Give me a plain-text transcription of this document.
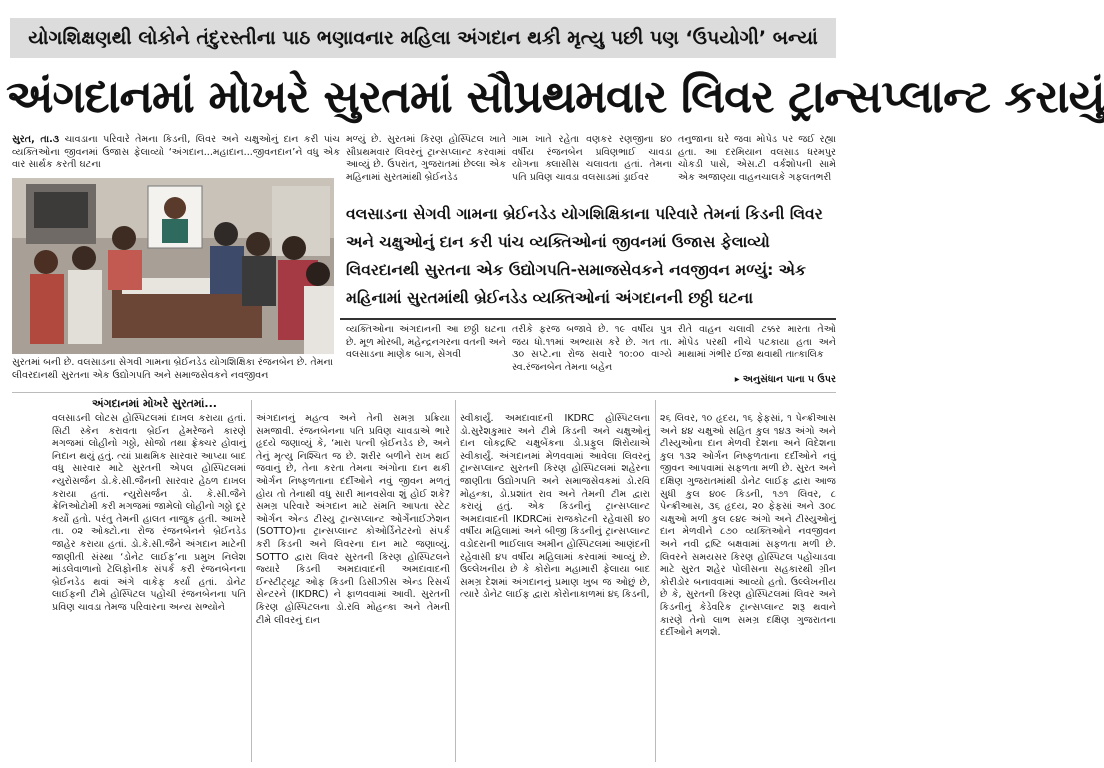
યોગશિક્ષણથી લોકોને તંદુરસ્તીના પાઠ ભણાવનાર મહિલા અંગદાન થકી મૃત્યુ પછી પણ ‘ઉપયોગી’ બન્યાં
અંગદાનમાં મોખરે સુરતમાં સૌપ્રથમવાર લિવર ટ્રાન્સપ્લાન્ટ કરાયું
સુરત, તા.૩ ચાવડાના પરિવારે તેમના કિડની, લિવર અને ચક્ષુઓનું દાન કરી પાંચ વ્યક્તિઓના જીવનમાં ઉજાસ ફેલાવ્યો ‘અંગદાન...મહાદાન...જીવનદાન’ને વધુ એક વાર સાર્થક કરતી ઘટના
મળ્યું છે. સુરતમાં કિરણ હોસ્પિટલ ખાતે સૌપ્રથમવાર લિવરનું ટ્રાન્સપ્લાન્ટ કરવામાં આવ્યું છે. ઉપરાંત, ગુજરાતમાં છેલ્લા એક મહિનામાં સુરતમાંથી બ્રેઈનડેડ
ગામ ખાતે રહેતા વણકર રણજીના ૪૦ વર્ષીય રંજનબેન પ્રવિણભાઈ ચાવડા યોગના ક્લાસીસ ચલાવતા હતાં. તેમના પતિ પ્રવિણ ચાવડા વલસાડમાં ડ્રાઈવર
તનુજાના ઘરે જવા મોપેડ પર જઈ રહ્યા હતા. આ દરમિયાન વલસાડ ધરમપુર ચોકડી પાસે, એસ.ટી વર્કશોપની સામે એક અજાણ્યા વાહનચાલકે ગફલતભરી
સુરતમાં બની છે. વલસાડના સેગવી ગામના બ્રેઈનડેડ યોગશિક્ષિકા રંજનબેન છે. તેમના લીવરદાનથી સુરતના એક ઉદ્યોગપતિ અને સમાજસેવકને નવજીવન
વલસાડના સેગવી ગામના બ્રેઈનડેડ યોગશિક્ષિકાના પરિવારે તેમનાં કિડની લિવર અને ચક્ષુઓનું દાન કરી પાંચ વ્યક્તિઓનાં જીવનમાં ઉજાસ ફેલાવ્યો લિવરદાનથી સુરતના એક ઉદ્યોગપતિ-સમાજસેવકને નવજીવન મળ્યું: એક મહિનામાં સુરતમાંથી બ્રેઈનડેડ વ્યક્તિઓનાં અંગદાનની છઠ્ઠી ઘટના
વ્યક્તિઓના અંગદાનની આ છઠ્ઠી ઘટના છે. મૂળ મોરબી, મહેન્દ્રનગરના વતની અને વલસાડના માણેક બાગ, સેગવી
તરીકે ફરજ બજાવે છે. ૧૯ વર્ષીય પુત્ર જય ધો.૧૧માં અભ્યાસ કરે છે. ગત તા. ૩૦ સપ્ટે.ના રોજ સવારે ૧૦:૦૦ વાગ્યે સ્વ.રંજનબેન તેમના બહેન
રીતે વાહન ચલાવી ટક્કર મારતા તેઓ મોપેડ પરથી નીચે પટકાયા હતા અને માથામાં ગંભીર ઈજા થવાથી તાત્કાલિક
▸ અનુસંધાન પાના ૫ ઉપર
અંગદાનમાં મોખરે સુરતમાં...
વલસાડની લોટસ હોસ્પિટલમાં દાખલ કરાયા હતાં. સિટી સ્કેન કરાવતા બ્રેઈન હેમરેજને કારણે મગજમાં લોહીનો ગઠ્ઠો, સોજો તથા ફ્રેક્ચર હોવાનું નિદાન થયું હતું. ત્યાં પ્રાથમિક સારવાર આપ્યા બાદ વધુ સારવાર માટે સુરતની એપલ હોસ્પિટલમાં ન્યુરોસર્જન ડો.કે.સી.જૈનની સારવાર હેઠળ દાખલ કરાયા હતાં. ન્યુરોસર્જન ડો. કે.સી.જૈને ક્રેનિઓટોમી કરી મગજમાં જામેલો લોહીનો ગઠ્ઠો દૂર કર્યો હતો. પરંતુ તેમની હાલત નાજુક હતી. આખરે તા. ૦૨ ઓક્ટો.ના રોજ રંજનબેનને બ્રેઈનડેડ જાહેર કરાયા હતાં. ડો.કે.સી.જૈને અંગદાન માટેની જાણીતી સંસ્થા ‘ડોનેટ લાઈફ’ના પ્રમુખ નિલેશ માંડલેવાળાનો ટેલિફોનીક સંપર્ક કરી રંજનબેનના બ્રેઈનડેડ થવાં અંગે વાકેફ કર્યા હતાં. ડોનેટ લાઈફની ટીમે હોસ્પિટલ પહોંચી રંજનબેનના પતિ પ્રવિણ ચાવડા તેમજ પરિવારના અન્ય સભ્યોને
અંગદાનનું મહત્વ અને તેની સમગ્ર પ્રક્રિયા સમજાવી. રંજનબેનના પતિ પ્રવિણ ચાવડાએ ભારે હૃદયે જણાવ્યું કે, ‘મારા પત્ની બ્રેઈનડેડ છે, અને તેનું મૃત્યુ નિશ્ચિત જ છે. શરીર બળીને રાખ થઈ જવાનું છે, તેના કરતા તેમના અંગોના દાન થકી ઓર્ગન નિષ્ફળતાના દર્દીઓને નવું જીવન મળતું હોય તો તેનાથી વધુ સારી માનવસેવા શું હોઈ શકે? સમગ્ર પરિવારે અંગદાન માટે સંમતિ આપતા સ્ટેટ ઓર્ગન એન્ડ ટીસ્યુ ટ્રાન્સપ્લાન્ટ ઓર્ગેનાઈઝેશન (SOTTO)ના ટ્રાન્સપ્લાન્ટ કોઓર્ડિનેટરનો સંપર્ક કરી કિડની અને લિવરના દાન માટે જણાવ્યું. SOTTO દ્વારા લિવર સુરતની કિરણ હોસ્પિટલને જ્યારે કિડની અમદાવાદની અમદાવાદની ઈન્સ્ટીટ્યૂટ ઓફ કિડની ડિસીઝીસ એન્ડ રિસર્ચ સેન્ટરને (IKDRC) ને ફાળવવામાં આવી. સુરતની કિરણ હોસ્પિટલના ડો.રવિ મોહન્કા અને તેમની ટીમે લીવરનું દાન
સ્વીકાર્યું. અમદાવાદની IKDRC હોસ્પિટલના ડો.સુરેશકુમાર અને ટીમે કિડની અને ચક્ષુઓનું દાન લોકદ્રષ્ટિ ચક્ષુબેંકના ડો.પ્રફુલ શિરોયાએ સ્વીકાર્યું. અંગદાનમાં મેળવવામાં આવેલા લિવરનું ટ્રાન્સપ્લાન્ટ સુરતની કિરણ હોસ્પિટલમાં શહેરના જાણીતા ઉદ્યોગપતિ અને સમાજસેવકમાં ડો.રવિ મોહન્કા, ડો.પ્રશાંત રાવ અને તેમની ટીમ દ્વારા કરાયું હતું. એક કિડનીનું ટ્રાન્સપ્લાન્ટ અમદાવાદની IKDRCમાં રાજકોટની રહેવાસી ૪૦ વર્ષીય મહિલામાં અને બીજી કિડનીનું ટ્રાન્સપ્લાન્ટ વડોદરાની ભાઈલાલ અમીન હોસ્પિટલમાં આણંદની રહેવાસી ૪૫ વર્ષીય મહિલામાં કરવામાં આવ્યું છે. ઉલ્લેખનીય છે કે કોરોના મહામારી ફેલાયા બાદ સમગ્ર દેશમાં અંગદાનનું પ્રમાણ ખુબ જ ઓછું છે, ત્યારે ડોનેટ લાઈફ દ્વારા કોરોનાકાળમાં ૪૬ કિડની,
૨૬ લિવર, ૧૦ હૃદય, ૧૬ ફેફસાં, ૧ પેન્ક્રીઆસ અને ૪૪ ચક્ષુઓ સહિત કુલ ૧૪૩ અંગો અને ટીસ્યુઓના દાન મેળવી દેશના અને વિદેશના કુલ ૧૩૨ ઓર્ગન નિષ્ફળતાના દર્દીઓને નવું જીવન આપવામાં સફળતા મળી છે. સુરત અને દક્ષિણ ગુજરાતમાંથી ડોનેટ લાઈફ દ્વારા આજ સુધી કુલ ૪૦૯ કિડની, ૧૭૧ લિવર, ૮ પેન્ક્રીઆસ, ૩૬ હૃદય, ૨૦ ફેફસાં અને ૩૦૮ ચક્ષુઓ મળી કુલ ૯૪૯ અંગો અને ટીસ્યુઓનું દાન મેળવીને ૮૭૦ વ્યક્તિઓને નવજીવન અને નવી દ્રષ્ટિ બક્ષવામાં સફળતા મળી છે. લિવરને સમયસર કિરણ હોસ્પિટલ પહોંચાડવા માટે સુરત શહેર પોલીસના સહકારથી ગ્રીન કોરીડોર બનાવવામાં આવ્યો હતો. ઉલ્લેખનીય છે કે, સુરતની કિરણ હોસ્પિટલમાં લિવર અને કિડનીનું કેડેવરિક ટ્રાન્સપ્લાન્ટ શરૂ થવાને કારણે તેનો લાભ સમગ્ર દક્ષિણ ગુજરાતના દર્દીઓને મળશે.
